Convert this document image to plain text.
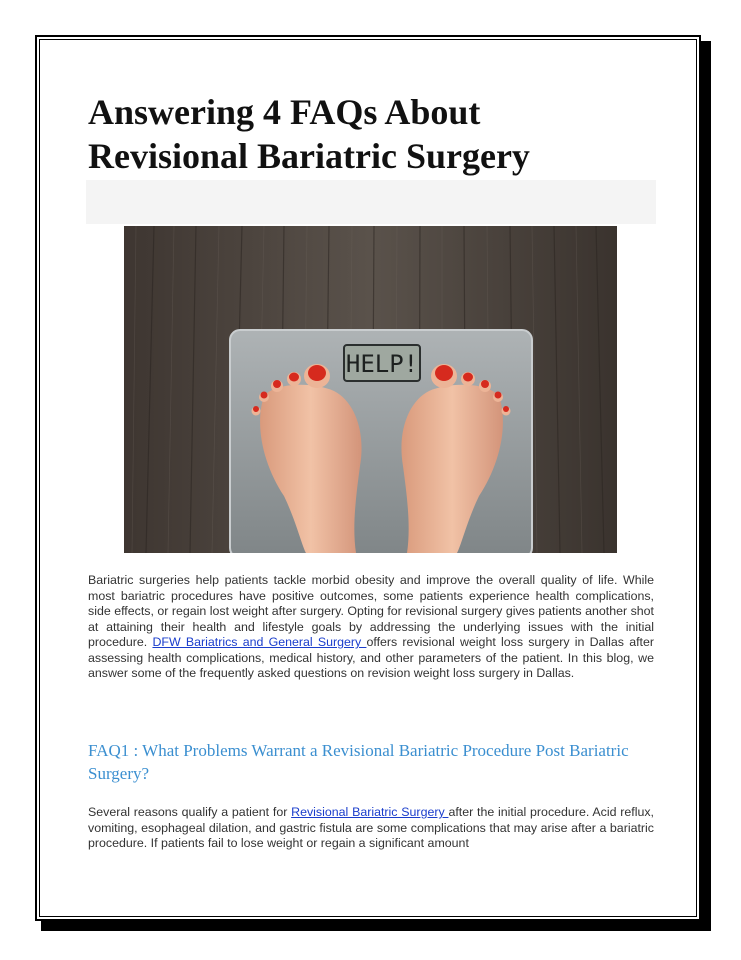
Answering 4 FAQs About
Revisional Bariatric Surgery
HELP!

Bariatric surgeries help patients tackle morbid obesity and improve the overall quality of life. While most bariatric procedures have positive outcomes, some patients experience health complications, side effects, or regain lost weight after surgery. Opting for revisional surgery gives patients another shot at attaining their health and lifestyle goals by addressing the underlying issues with the initial procedure. DFW Bariatrics and General Surgery offers revisional weight loss surgery in Dallas after assessing health complications, medical history, and other parameters of the patient. In this blog, we answer some of the frequently asked questions on revision weight loss surgery in Dallas.

FAQ1 : What Problems Warrant a Revisional Bariatric Procedure Post Bariatric Surgery?

Several reasons qualify a patient for Revisional Bariatric Surgery after the initial procedure. Acid reflux, vomiting, esophageal dilation, and gastric fistula are some complications that may arise after a bariatric procedure. If patients fail to lose weight or regain a significant amount
